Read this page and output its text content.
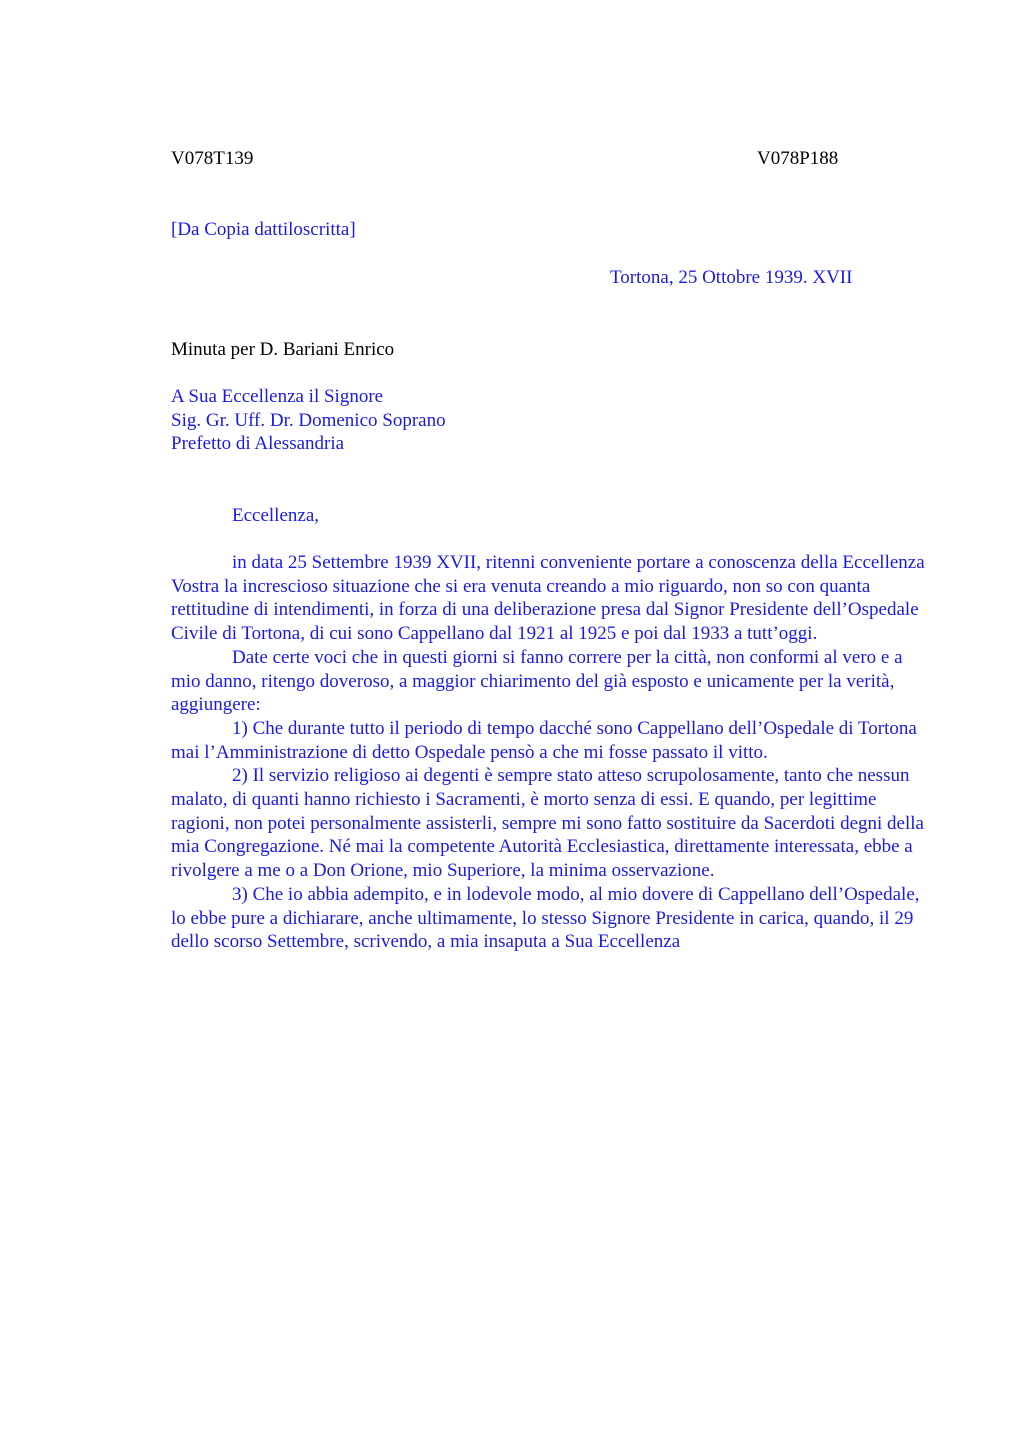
V078T139	V078P188
[Da Copia dattiloscritta]
Tortona, 25 Ottobre 1939. XVII
Minuta per D. Bariani Enrico
A Sua Eccellenza il Signore
Sig. Gr. Uff. Dr. Domenico Soprano
Prefetto di Alessandria
Eccellenza,

in data 25 Settembre 1939 XVII, ritenni conveniente portare a conoscenza della Eccellenza Vostra la increscioso situazione che si era venuta creando a mio riguardo, non so con quanta rettitudine di intendimenti, in forza di una deliberazione presa dal Signor Presidente dell’Ospedale Civile di Tortona, di cui sono Cappellano dal 1921 al 1925 e poi dal 1933 a tutt’oggi.

Date certe voci che in questi giorni si fanno correre per la città, non conformi al vero e a mio danno, ritengo doveroso, a maggior chiarimento del già esposto e unicamente per la verità, aggiungere:

1) Che durante tutto il periodo di tempo dacché sono Cappellano dell’Ospedale di Tortona mai l’Amministrazione di detto Ospedale pensò a che mi fosse passato il vitto.

2) Il servizio religioso ai degenti è sempre stato atteso scrupolosamente, tanto che nessun malato, di quanti hanno richiesto i Sacramenti, è morto senza di essi. E quando, per legittime ragioni, non potei personalmente assisterli, sempre mi sono fatto sostituire da Sacerdoti degni della mia Congregazione. Né mai la competente Autorità Ecclesiastica, direttamente interessata, ebbe a rivolgere a me o a Don Orione, mio Superiore, la minima osservazione.

3) Che io abbia adempito, e in lodevole modo, al mio dovere di Cappellano dell’Ospedale, lo ebbe pure a dichiarare, anche ultimamente, lo stesso Signore Presidente in carica, quando, il 29 dello scorso Settembre, scrivendo, a mia insaputa a Sua Eccellenza
